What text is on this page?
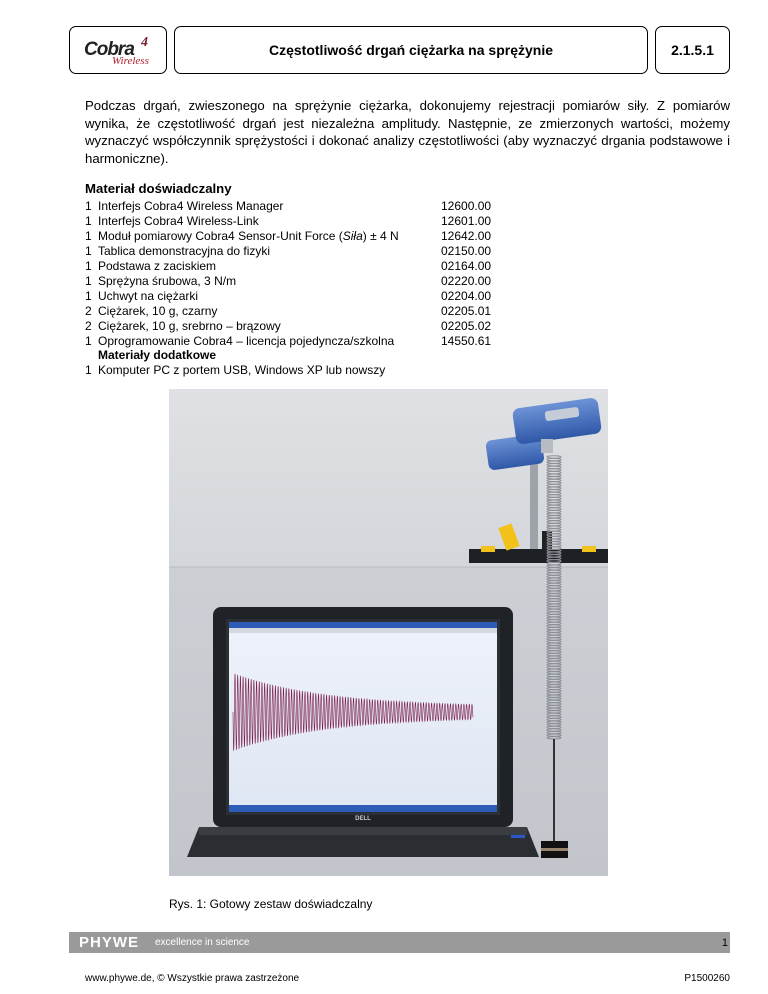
Cobra 4
Wireless
Częstotliwość drgań ciężarka na sprężynie	2.1.5.1

Podczas drgań, zwieszonego na sprężynie ciężarka, dokonujemy rejestracji pomiarów siły. Z pomiarów wynika, że częstotliwość drgań jest niezależna amplitudy. Następnie, ze zmierzonych wartości, możemy wyznaczyć współczynnik sprężystości i dokonać analizy częstotliwości (aby wyznaczyć drgania podstawowe i harmoniczne).

Materiał doświadczalny
1 Interfejs Cobra4 Wireless Manager	12600.00
1 Interfejs Cobra4 Wireless-Link	12601.00
1 Moduł pomiarowy Cobra4 Sensor-Unit Force (Siła) ± 4 N	12642.00
1 Tablica demonstracyjna do fizyki	02150.00
1 Podstawa z zaciskiem	02164.00
1 Sprężyna śrubowa, 3 N/m	02220.00
1 Uchwyt na ciężarki	02204.00
2 Ciężarek, 10 g, czarny	02205.01
2 Ciężarek, 10 g, srebrno – brązowy	02205.02
1 Oprogramowanie Cobra4 – licencja pojedyncza/szkolna	14550.61
Materiały dodatkowe
1 Komputer PC z portem USB, Windows XP lub nowszy
DELL
Rys. 1: Gotowy zestaw doświadczalny
PHYWE excellence in science	1
www.phywe.de, © Wszystkie prawa zastrzeżone	P1500260
